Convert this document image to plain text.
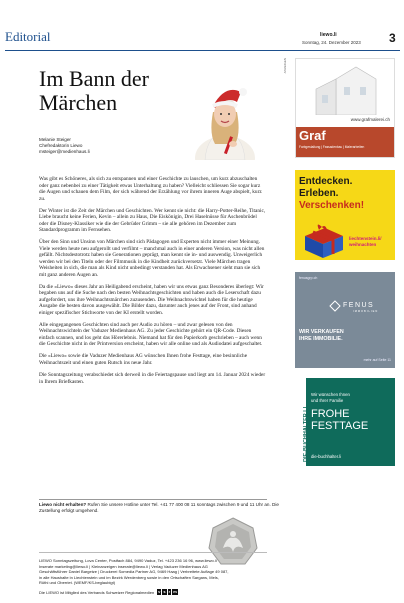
Editorial	liewo.li
Sonntag, 24. Dezember 2023 3
Im Bann der Märchen
Melanie Steiger
Chefredaktorin Liewo
msteiger@medienhaus.li

Was gibt es Schöneres, als sich zu entspannen und einer Geschichte zu lauschen, um kurz abzuschalten oder ganz nebenbei zu einer Tätigkeit etwas Unterhaltung zu haben? Vielleicht schliessen Sie sogar kurz die Augen und schauen dem Film, der sich während der Erzählung vor ihrem inneren Auge abspielt, kurz zu.

Der Winter ist die Zeit der Märchen und Geschichten. Wer kennt sie nicht: die Harry-Potter-Reihe, Titanic, Liebe braucht keine Ferien, Kevin – allein zu Haus, Die Eiskönigin, Drei Haselnüsse für Aschenbrödel oder die Disney-Klassiker wie die der Gebrüder Grimm – sie alle gehören im Dezember zum Standardprogramm im Fernsehen.

Über den Sinn und Unsinn von Märchen sind sich Pädagogen und Experten nicht immer einer Meinung. Viele werden heute neu aufgerollt und verfilmt – manchmal auch in einer anderen Version, was nicht allen gefällt. Nichtsdestotrotz haben sie Generationen geprägt, man kennt sie in- und auswendig. Unweigerlich werden wir bei den Titeln oder der Filmmusik in die Kindheit zurückversetzt. Viele Märchen tragen Weisheiten in sich, die man als Kind nicht unbedingt verstanden hat. Als Erwachsener sieht man sie sich mit ganz anderen Augen an.

Da die «Liewo» dieses Jahr an Heiligabend erscheint, haben wir uns etwas ganz Besonderes überlegt: Wir begaben uns auf die Suche nach den besten Weihnachtsgeschichten und haben auch die Leserschaft dazu aufgefordert, uns ihre Weihnachtsmärchen zuzusenden. Die Weihnachtswichtel haben für die heutige Ausgabe die besten davon ausgewählt. Die Bilder dazu, darunter auch jenes auf der Front, sind anhand einiger spezifischer Stichworte von der KI erstellt worden.

Alle eingegangenen Geschichten sind auch per Audio zu hören – und zwar gelesen von den Weihnachtswichteln der Vaduzer Medienhaus AG. Zu jeder Geschichte gehört ein QR-Code. Diesen einfach scannen, und los geht das Hörerlebnis. Niemand hat für den Papierkorb geschrieben – auch wenn die Geschichte nicht in der Printversion erscheint, haben wir alle online und als Audiodatei aufgeschaltet.

Die «Liewo» sowie die Vaduzer Medienhaus AG wünschen Ihnen frohe Festtage, eine besinnliche Weihnachtszeit und einen guten Rutsch ins neue Jahr.

Die Sonntagszeitung verabschiedet sich derweil in die Feiertagspause und liegt am 14. Januar 2024 wieder in Ihrem Briefkasten.

Liewo nicht erhalten? Rufen Sie unsere Hotline unter Tel. +41 77 400 08 11 sonntags zwischen 9 und 11 Uhr an. Die Zustellung erfolgt umgehend.
LIEWO Sonntagszeitung, Lova Center, Postfach 884, 9490 Vaduz, Tel. +423 236 16 96, www.liewo.li
Inserate marketing@liewo.li | Kleinanzeigen inserate@liewo.li | Verlag Vaduzer Medienhaus AG
Geschäftsführer Daniel Bargetze | Druckerei Somedia Partner AG, 9469 Haag | Verbreitete Auflage 49 087,
in alle Haushalte in Liechtenstein und im Bezirk Werdenberg sowie in den Ortschaften Sargans, Mels,
Rüthi und Oberriet. (WEMF/KS-beglaubigt)
Die LIEWO ist Mitglied des Verbands Schweizer Regionalmedien v s r m
ANZEIGEN
www.grafmalerei.ch
Graf
Farbgestaltung | Fassadenbau | Malerarbeiten
Entdecken.
Erleben.
Verschenken!
liechtenstein.li/
weihnachten
fenusgrp.ch
FENUS
IMMOBILIEN
WIR VERKAUFEN
IHRE IMMOBILIE.
mehr auf Seite 11
DIE-BUCHHALTER.LI
Wir wünschen Ihnen
und Ihrer Familie
FROHE
FESTTAGE
die-buchhalter.li
